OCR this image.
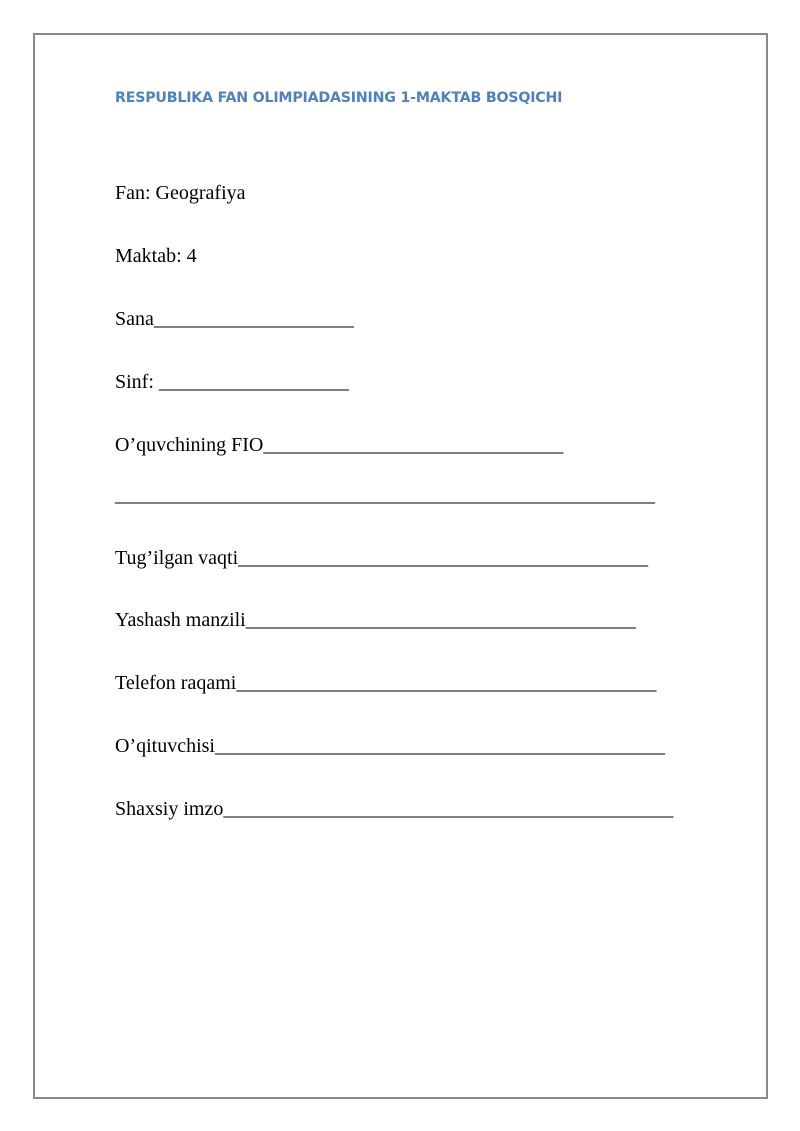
RESPUBLIKA FAN OLIMPIADASINING 1-MAKTAB BOSQICHI
Fan: Geografiya
Maktab: 4
Sana____________________
Sinf: ___________________
O’quvchining FIO______________________________
______________________________________________________
Tug’ilgan vaqti_________________________________________
Yashash manzili_______________________________________
Telefon raqami__________________________________________
O’qituvchisi_____________________________________________
Shaxsiy imzo_____________________________________________
